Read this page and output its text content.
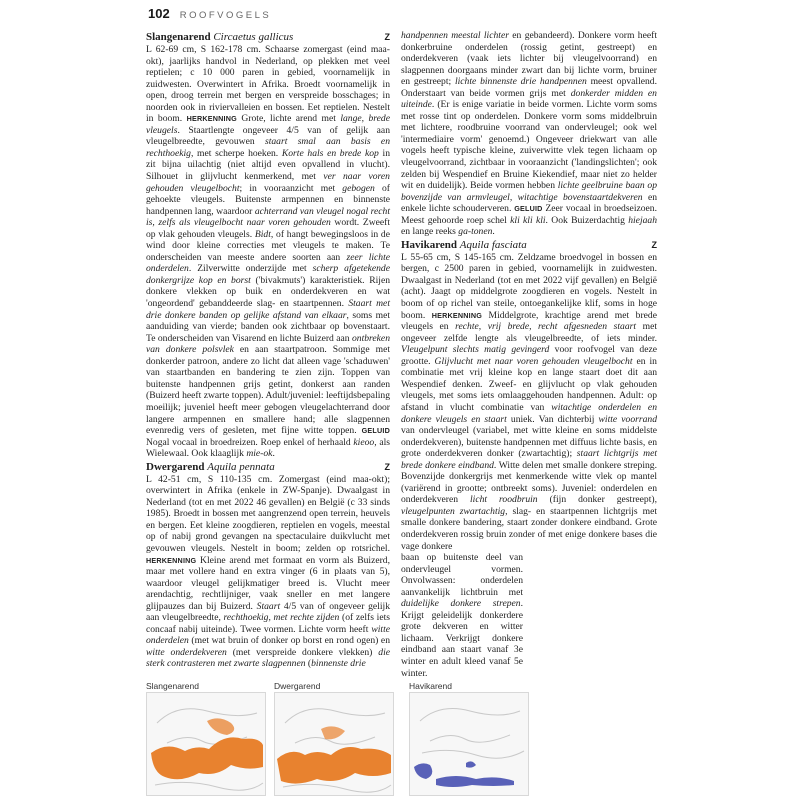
102 ROOFVOGELS
Slangenarend Circaetus gallicus	Z

L 62-69 cm, S 162-178 cm. Schaarse zomergast (eind maa-okt), jaarlijks handvol in Nederland, op plekken met veel reptielen; c 10 000 paren in gebied, voornamelijk in zuidwesten. Overwintert in Afrika. Broedt voornamelijk in open, droog terrein met bergen en verspreide bosschages; in noorden ook in riviervalleien en bossen. Eet reptielen. Nestelt in boom. HERKENNING Grote, lichte arend met lange, brede vleugels. Staartlengte ongeveer 4/5 van of gelijk aan vleugelbreedte, gevouwen staart smal aan basis en rechthoekig, met scherpe hoeken. Korte hals en brede kop in zit bijna uilachtig (niet altijd even opvallend in vlucht). Silhouet in glijvlucht kenmerkend, met ver naar voren gehouden vleugelbocht; in vooraanzicht met gebogen of gehoekte vleugels. Buitenste armpennen en binnenste handpennen lang, waardoor achterrand van vleugel nogal recht is, zelfs als vleugelbocht naar voren gehouden wordt. Zweeft op vlak gehouden vleugels. Bidt, of hangt bewegingsloos in de wind door kleine correcties met vleugels te maken. Te onderscheiden van meeste andere soorten aan zeer lichte onderdelen. Zilverwitte onderzijde met scherp afgetekende donkergrijze kop en borst ('bivakmuts') karakteristiek. Rijen donkere vlekken op buik en onderdekveren en wat 'ongeordend' gebanddeerde slag- en staartpennen. Staart met drie donkere banden op gelijke afstand van elkaar, soms met aanduiding van vierde; banden ook zichtbaar op bovenstaart. Te onderscheiden van Visarend en lichte Buizerd aan ontbreken van donkere polsvlek en aan staartpatroon. Sommige met donkerder patroon, andere zo licht dat alleen vage 'schaduwen' van staartbanden en bandering te zien zijn. Toppen van buitenste handpennen grijs getint, donkerst aan randen (Buizerd heeft zwarte toppen). Adult/juveniel: leeftijdsbepaling moeilijk; juveniel heeft meer gebogen vleugelachterrand door langere armpennen en smallere hand; alle slagpennen evenredig vers of gesleten, met fijne witte toppen. GELUID Nogal vocaal in broedreizen. Roep enkel of herhaald kieoo, als Wielewaal. Ook klaaglijk mie-ok.

Dwergarend Aquila pennata	Z

L 42-51 cm, S 110-135 cm. Zomergast (eind maa-okt); overwintert in Afrika (enkele in ZW-Spanje). Dwaalgast in Nederland (tot en met 2022 46 gevallen) en België (c 33 sinds 1985). Broedt in bossen met aangrenzend open terrein, heuvels en bergen. Eet kleine zoogdieren, reptielen en vogels, meestal op of nabij grond gevangen na spectaculaire duikvlucht met gevouwen vleugels. Nestelt in boom; zelden op rotsrichel. HERKENNING Kleine arend met formaat en vorm als Buizerd, maar met vollere hand en extra vinger (6 in plaats van 5), waardoor vleugel gelijkmatiger breed is. Vlucht meer arendachtig, rechtlijniger, vaak sneller en met langere glijpauzes dan bij Buizerd. Staart 4/5 van of ongeveer gelijk aan vleugelbreedte, rechthoekig, met rechte zijden (of zelfs iets concaaf nabij uiteinde). Twee vormen. Lichte vorm heeft witte onderdelen (met wat bruin of donker op borst en rond ogen) en witte onderdekveren (met verspreide donkere vlekken) die sterk contrasteren met zwarte slagpennen (binnenste drie

handpennen meestal lichter en gebandeerd). Donkere vorm heeft donkerbruine onderdelen (rossig getint, gestreept) en onderdekveren (vaak iets lichter bij vleugelvoorrand) en slagpennen doorgaans minder zwart dan bij lichte vorm, bruiner en gestreept; lichte binnenste drie handpennen meest opvallend. Onderstaart van beide vormen grijs met donkerder midden en uiteinde. (Er is enige variatie in beide vormen. Lichte vorm soms met rosse tint op onderdelen. Donkere vorm soms middelbruin met lichtere, roodbruine voorrand van ondervleugel; ook wel 'intermediaire vorm' genoemd.) Ongeveer driekwart van alle vogels heeft typische kleine, zuiverwitte vlek tegen lichaam op vleugelvoorrand, zichtbaar in vooraanzicht ('landingslichten'; ook zelden bij Wespendief en Bruine Kiekendief, maar niet zo helder wit en duidelijk). Beide vormen hebben lichte geelbruine baan op bovenzijde van armvleugel, witachtige bovenstaartdekveren en enkele lichte schouderveren. GELUID Zeer vocaal in broedseizoen. Meest gehoorde roep schel kli kli kli. Ook Buizerdachtig hiejaah en lange reeks ga-tonen.

Havikarend Aquila fasciata	Z

L 55-65 cm, S 145-165 cm. Zeldzame broedvogel in bossen en bergen, c 2500 paren in gebied, voornamelijk in zuidwesten. Dwaalgast in Nederland (tot en met 2022 vijf gevallen) en België (acht). Jaagt op middelgrote zoogdieren en vogels. Nestelt in boom of op richel van steile, ontoegankelijke klif, soms in hoge boom. HERKENNING Middelgrote, krachtige arend met brede vleugels en rechte, vrij brede, recht afgesneden staart met ongeveer zelfde lengte als vleugelbreedte, of iets minder. Vleugelpunt slechts matig gevingerd voor roofvogel van deze grootte. Glijvlucht met naar voren gehouden vleugelbocht en in combinatie met vrij kleine kop en lange staart doet dit aan Wespendief denken. Zweef- en glijvlucht op vlak gehouden vleugels, met soms iets omlaaggehouden handpennen. Adult: op afstand in vlucht combinatie van witachtige onderdelen en donkere vleugels en staart uniek. Van dichterbij witte voorrand van ondervleugel (variabel, met witte kleine en soms middelste onderdekveren), buitenste handpennen met diffuus lichte basis, en grote onderdekveren donker (zwartachtig); staart lichtgrijs met brede donkere eindband. Witte delen met smalle donkere streping. Bovenzijde donkergrijs met kenmerkende witte vlek op mantel (variërend in grootte; ontbreekt soms). Juveniel: onderdelen en onderdekveren licht roodbruin (fijn donker gestreept), vleugelpunten zwartachtig, slag- en staartpennen lichtgrijs met smalle donkere bandering, staart zonder donkere eindband. Grote onderdekveren rossig bruin zonder of met enige donkere bases die vage donkere

baan op buitenste deel van ondervleugel vormen. Onvolwassen: onderdelen aanvankelijk lichtbruin met duidelijke donkere strepen. Krijgt geleidelijk donkerdere grote dekveren en witter lichaam. Verkrijgt donkere eindband aan staart vanaf 3e winter en adult kleed vanaf 5e winter.

Slangenarend	Dwergarend	Havikarend
